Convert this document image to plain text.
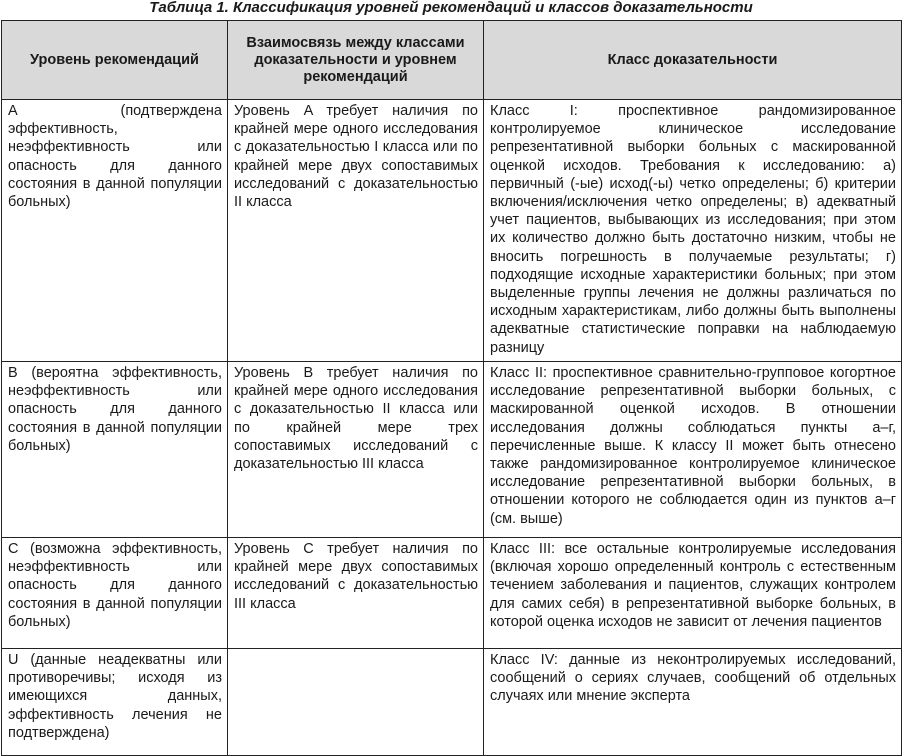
Таблица 1. Классификация уровней рекомендаций и классов доказательности
Уровень рекомендаций	Взаимосвязь между классами доказательности и уровнем рекомендаций	Класс доказательности
A (подтверждена эффективность, неэффективность или опасность для данного состояния в данной популяции больных)	Уровень A требует наличия по крайней мере одного исследования с доказательностью I класса или по крайней мере двух сопоставимых исследований с доказательностью II класса	Класс I: проспективное рандомизированное контролируемое клиническое исследование репрезентативной выборки больных с маскированной оценкой исходов. Требования к исследованию: а) первичный (-ые) исход(-ы) четко определены; б) критерии включения/исключения четко определены; в) адекватный учет пациентов, выбывающих из исследования; при этом их количество должно быть достаточно низким, чтобы не вносить погрешность в получаемые результаты; г) подходящие исходные характеристики больных; при этом выделенные группы лечения не должны различаться по исходным характеристикам, либо должны быть выполнены адекватные статистические поправки на наблюдаемую разницу
B (вероятна эффективность, неэффективность или опасность для данного состояния в данной популяции больных)	Уровень B требует наличия по крайней мере одного исследования с доказательностью II класса или по крайней мере трех сопоставимых исследований с доказательностью III класса	Класс II: проспективное сравнительно-групповое когортное исследование репрезентативной выборки больных, с маскированной оценкой исходов. В отношении исследования должны соблюдаться пункты а–г, перечисленные выше. К классу II может быть отнесено также рандомизированное контролируемое клиническое исследование репрезентативной выборки больных, в отношении которого не соблюдается один из пунктов а–г (см. выше)
C (возможна эффективность, неэффективность или опасность для данного состояния в данной популяции больных)	Уровень C требует наличия по крайней мере двух сопоставимых исследований с доказательностью III класса	Класс III: все остальные контролируемые исследования (включая хорошо определенный контроль с естественным течением заболевания и пациентов, служащих контролем для самих себя) в репрезентативной выборке больных, в которой оценка исходов не зависит от лечения пациентов
U (данные неадекватны или противоречивы; исходя из имеющихся данных, эффективность лечения не подтверждена)		Класс IV: данные из неконтролируемых исследований, сообщений о сериях случаев, сообщений об отдельных случаях или мнение эксперта
